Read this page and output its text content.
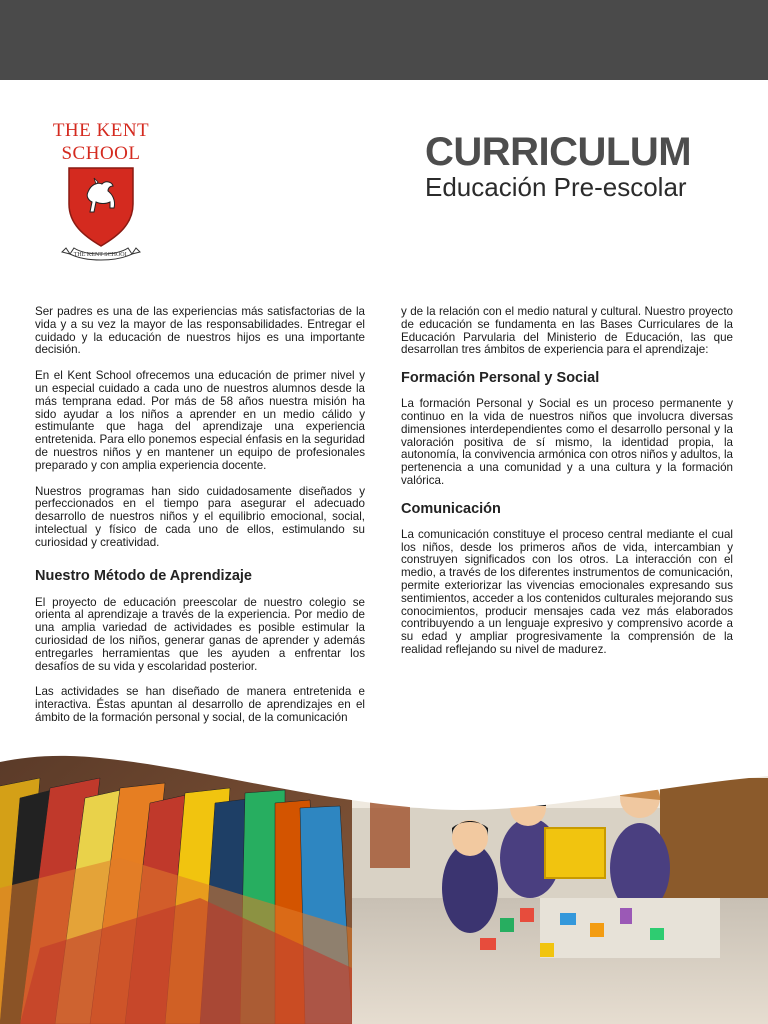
THE KENT
SCHOOL
THE KENT SCHOOL
CURRICULUM
Educación Pre-escolar

Ser padres es una de las experiencias más satisfactorias de la vida y a su vez la mayor de las responsabilidades. Entregar el cuidado y la educación de nuestros hijos es una importante decisión.

En el Kent School ofrecemos una educación de primer nivel y un especial cuidado a cada uno de nuestros alumnos desde la más temprana edad. Por más de 58 años nuestra misión ha sido ayudar a los niños a aprender en un medio cálido y estimulante que haga del aprendizaje una experiencia entretenida. Para ello ponemos especial énfasis en la seguridad de nuestros niños y en mantener un equipo de profesionales preparado y con amplia experiencia docente.

Nuestros programas han sido cuidadosamente diseñados y perfeccionados en el tiempo para asegurar el adecuado desarrollo de nuestros niños y el equilibrio emocional, social, intelectual y físico de cada uno de ellos, estimulando su curiosidad y creatividad.

Nuestro Método de Aprendizaje

El proyecto de educación preescolar de nuestro colegio se orienta al aprendizaje a través de la experiencia. Por medio de una amplia variedad de actividades es posible estimular la curiosidad de los niños, generar ganas de aprender y además entregarles herramientas que les ayuden a enfrentar los desafíos de su vida y escolaridad posterior.

Las actividades se han diseñado de manera entretenida e interactiva. Éstas apuntan al desarrollo de aprendizajes en el ámbito de la formación personal y social, de la comunicación

y de la relación con el medio natural y cultural. Nuestro proyecto de educación se fundamenta en las Bases Curriculares de la Educación Parvularia del Ministerio de Educación, las que desarrollan tres ámbitos de experiencia para el aprendizaje:

Formación Personal y Social

La formación Personal y Social es un proceso permanente y continuo en la vida de nuestros niños que involucra diversas dimensiones interdependientes como el desarrollo personal y la valoración positiva de sí mismo, la identidad propia, la autonomía, la convivencia armónica con otros niños y adultos, la pertenencia a una comunidad y a una cultura y la formación valórica.

Comunicación

La comunicación constituye el proceso central mediante el cual los niños, desde los primeros años de vida, intercambian y construyen significados con los otros. La interacción con el medio, a través de los diferentes instrumentos de comunicación, permite exteriorizar las vivencias emocionales expresando sus sentimientos, acceder a los contenidos culturales mejorando sus conocimientos, producir mensajes cada vez más elaborados contribuyendo a un lenguaje expresivo y comprensivo acorde a su edad y ampliar progresivamente la comprensión de la realidad reflejando su nivel de madurez.
